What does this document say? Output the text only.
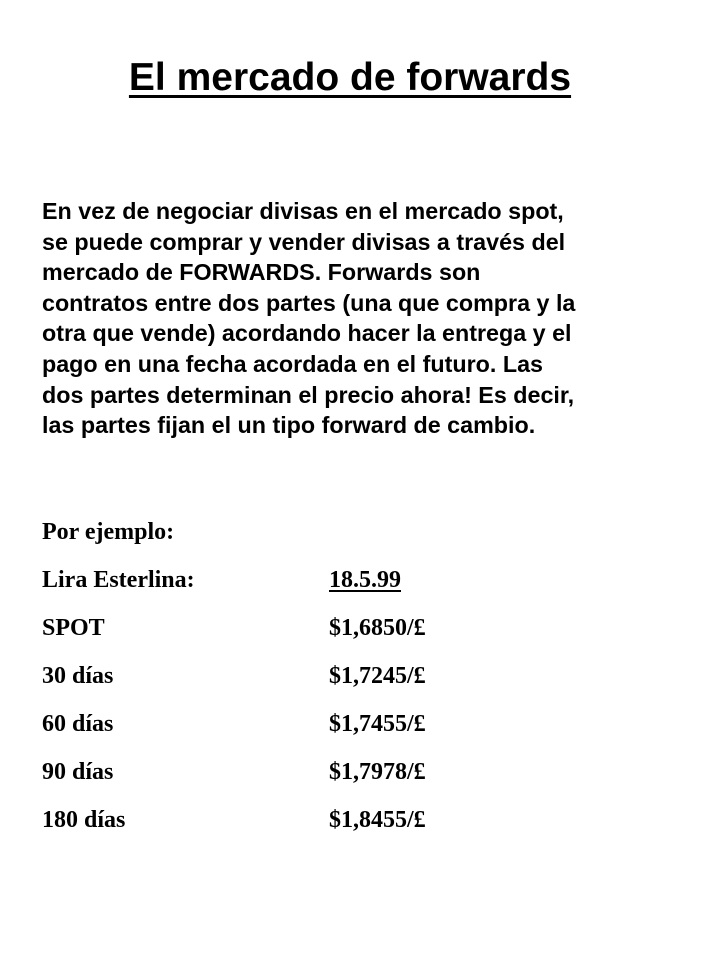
El mercado de forwards

En vez de negociar divisas en el mercado spot,
se puede comprar y vender divisas a través del
mercado de FORWARDS. Forwards son
contratos entre dos partes (una que compra y la
otra que vende) acordando hacer la entrega y el
pago en una fecha acordada en el futuro. Las
dos partes determinan el precio ahora! Es decir,
las partes fijan el un tipo forward de cambio.

Por ejemplo:
Lira Esterlina:	18.5.99
SPOT	$1,6850/£
30 días	$1,7245/£
60 días	$1,7455/£
90 días	$1,7978/£
180 días	$1,8455/£
